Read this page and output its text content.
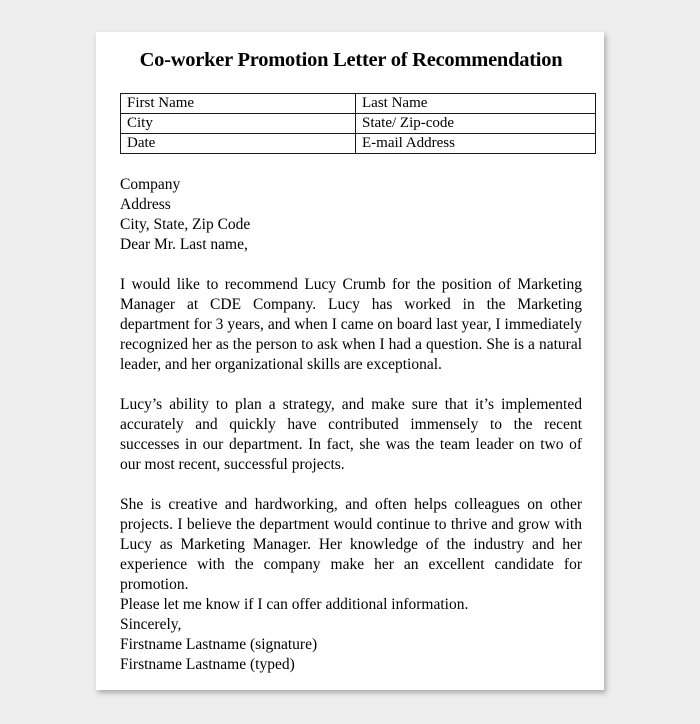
Co-worker Promotion Letter of Recommendation
First Name	Last Name
City	State/ Zip-code
Date	E-mail Address
Company
Address
City, State, Zip Code
Dear Mr. Last name,

I would like to recommend Lucy Crumb for the position of Marketing Manager at CDE Company. Lucy has worked in the Marketing department for 3 years, and when I came on board last year, I immediately recognized her as the person to ask when I had a question. She is a natural leader, and her organizational skills are exceptional.

Lucy’s ability to plan a strategy, and make sure that it’s implemented accurately and quickly have contributed immensely to the recent successes in our department. In fact, she was the team leader on two of our most recent, successful projects.

She is creative and hardworking, and often helps colleagues on other projects. I believe the department would continue to thrive and grow with Lucy as Marketing Manager. Her knowledge of the industry and her experience with the company make her an excellent candidate for promotion.

Please let me know if I can offer additional information.
Sincerely,
Firstname Lastname (signature)
Firstname Lastname (typed)
